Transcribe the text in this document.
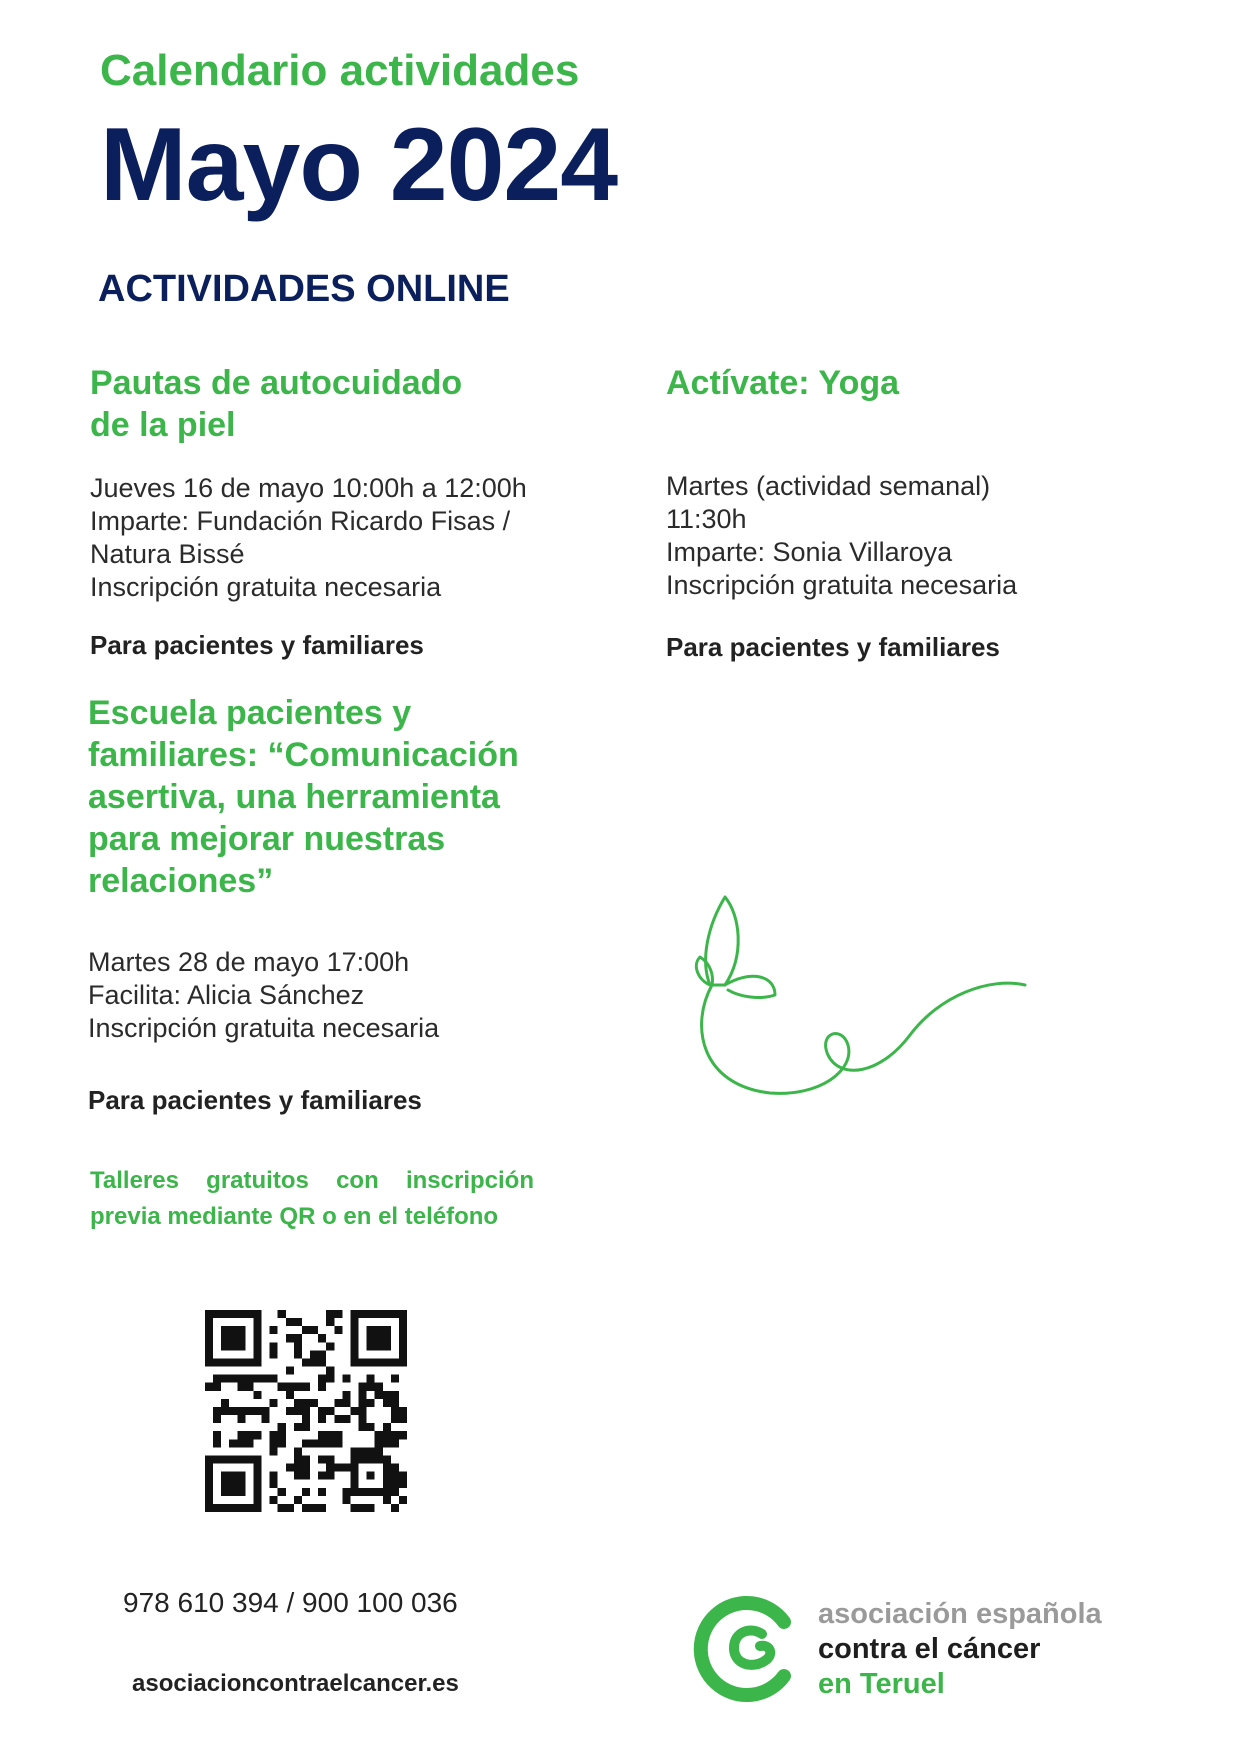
Calendario actividades
Mayo 2024
ACTIVIDADES ONLINE
Pautas de autocuidado
de la piel
Jueves 16 de mayo 10:00h a 12:00h
Imparte: Fundación Ricardo Fisas /
Natura Bissé
Inscripción gratuita necesaria
Para pacientes y familiares
Actívate: Yoga
Martes (actividad semanal)
11:30h
Imparte: Sonia Villaroya
Inscripción gratuita necesaria
Para pacientes y familiares
Escuela pacientes y
familiares: “Comunicación
asertiva, una herramienta
para mejorar nuestras
relaciones”
Martes 28 de mayo 17:00h
Facilita: Alicia Sánchez
Inscripción gratuita necesaria
Para pacientes y familiares
Talleres gratuitos con inscripción
previa mediante QR o en el teléfono
978 610 394 / 900 100 036
asociacioncontraelcancer.es
asociación española
contra el cáncer
en Teruel
